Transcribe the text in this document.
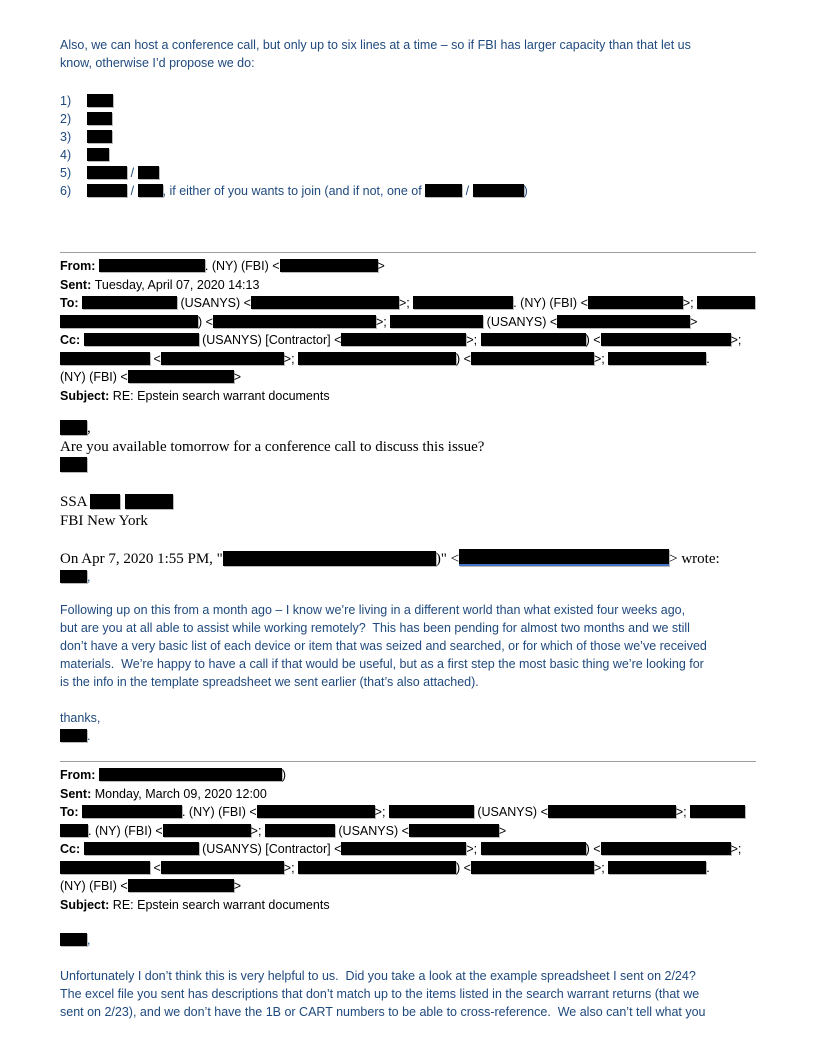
Also, we can host a conference call, but only up to six lines at a time – so if FBI has larger capacity than that let us
know, otherwise I’d propose we do:
1)
2)
3)
4)
5)	/
6)	/ , if either of you wants to join (and if not, one of	/	)
From:	. (NY) (FBI) <	>
Sent: Tuesday, April 07, 2020 14:13
To:	(USANYS) <	>;	. (NY) (FBI) <	>;
) <	>;	(USANYS) <	>
Cc:	(USANYS) [Contractor] <	>;	) <	>;
<	>;	) <	>;	.
(NY) (FBI) <	>
Subject: RE: Epstein search warrant documents
,
Are you available tomorrow for a conference call to discuss this issue?

SSA
FBI New York

On Apr 7, 2020 1:55 PM, "	)" <	> wrote:
,
Following up on this from a month ago – I know we’re living in a different world than what existed four weeks ago,
but are you at all able to assist while working remotely?  This has been pending for almost two months and we still
don’t have a very basic list of each device or item that was seized and searched, or for which of those we’ve received
materials.  We’re happy to have a call if that would be useful, but as a first step the most basic thing we’re looking for
is the info in the template spreadsheet we sent earlier (that’s also attached).

thanks,
.
From:	)
Sent: Monday, March 09, 2020 12:00
To:	. (NY) (FBI) <	>;	(USANYS) <	>;
. (NY) (FBI) <	>;	(USANYS) <	>
Cc:	(USANYS) [Contractor] <	>;	) <	>;
<	>;	) <	>;	.
(NY) (FBI) <	>
Subject: RE: Epstein search warrant documents
,
Unfortunately I don’t think this is very helpful to us.  Did you take a look at the example spreadsheet I sent on 2/24?
The excel file you sent has descriptions that don’t match up to the items listed in the search warrant returns (that we
sent on 2/23), and we don’t have the 1B or CART numbers to be able to cross-reference.  We also can’t tell what you
